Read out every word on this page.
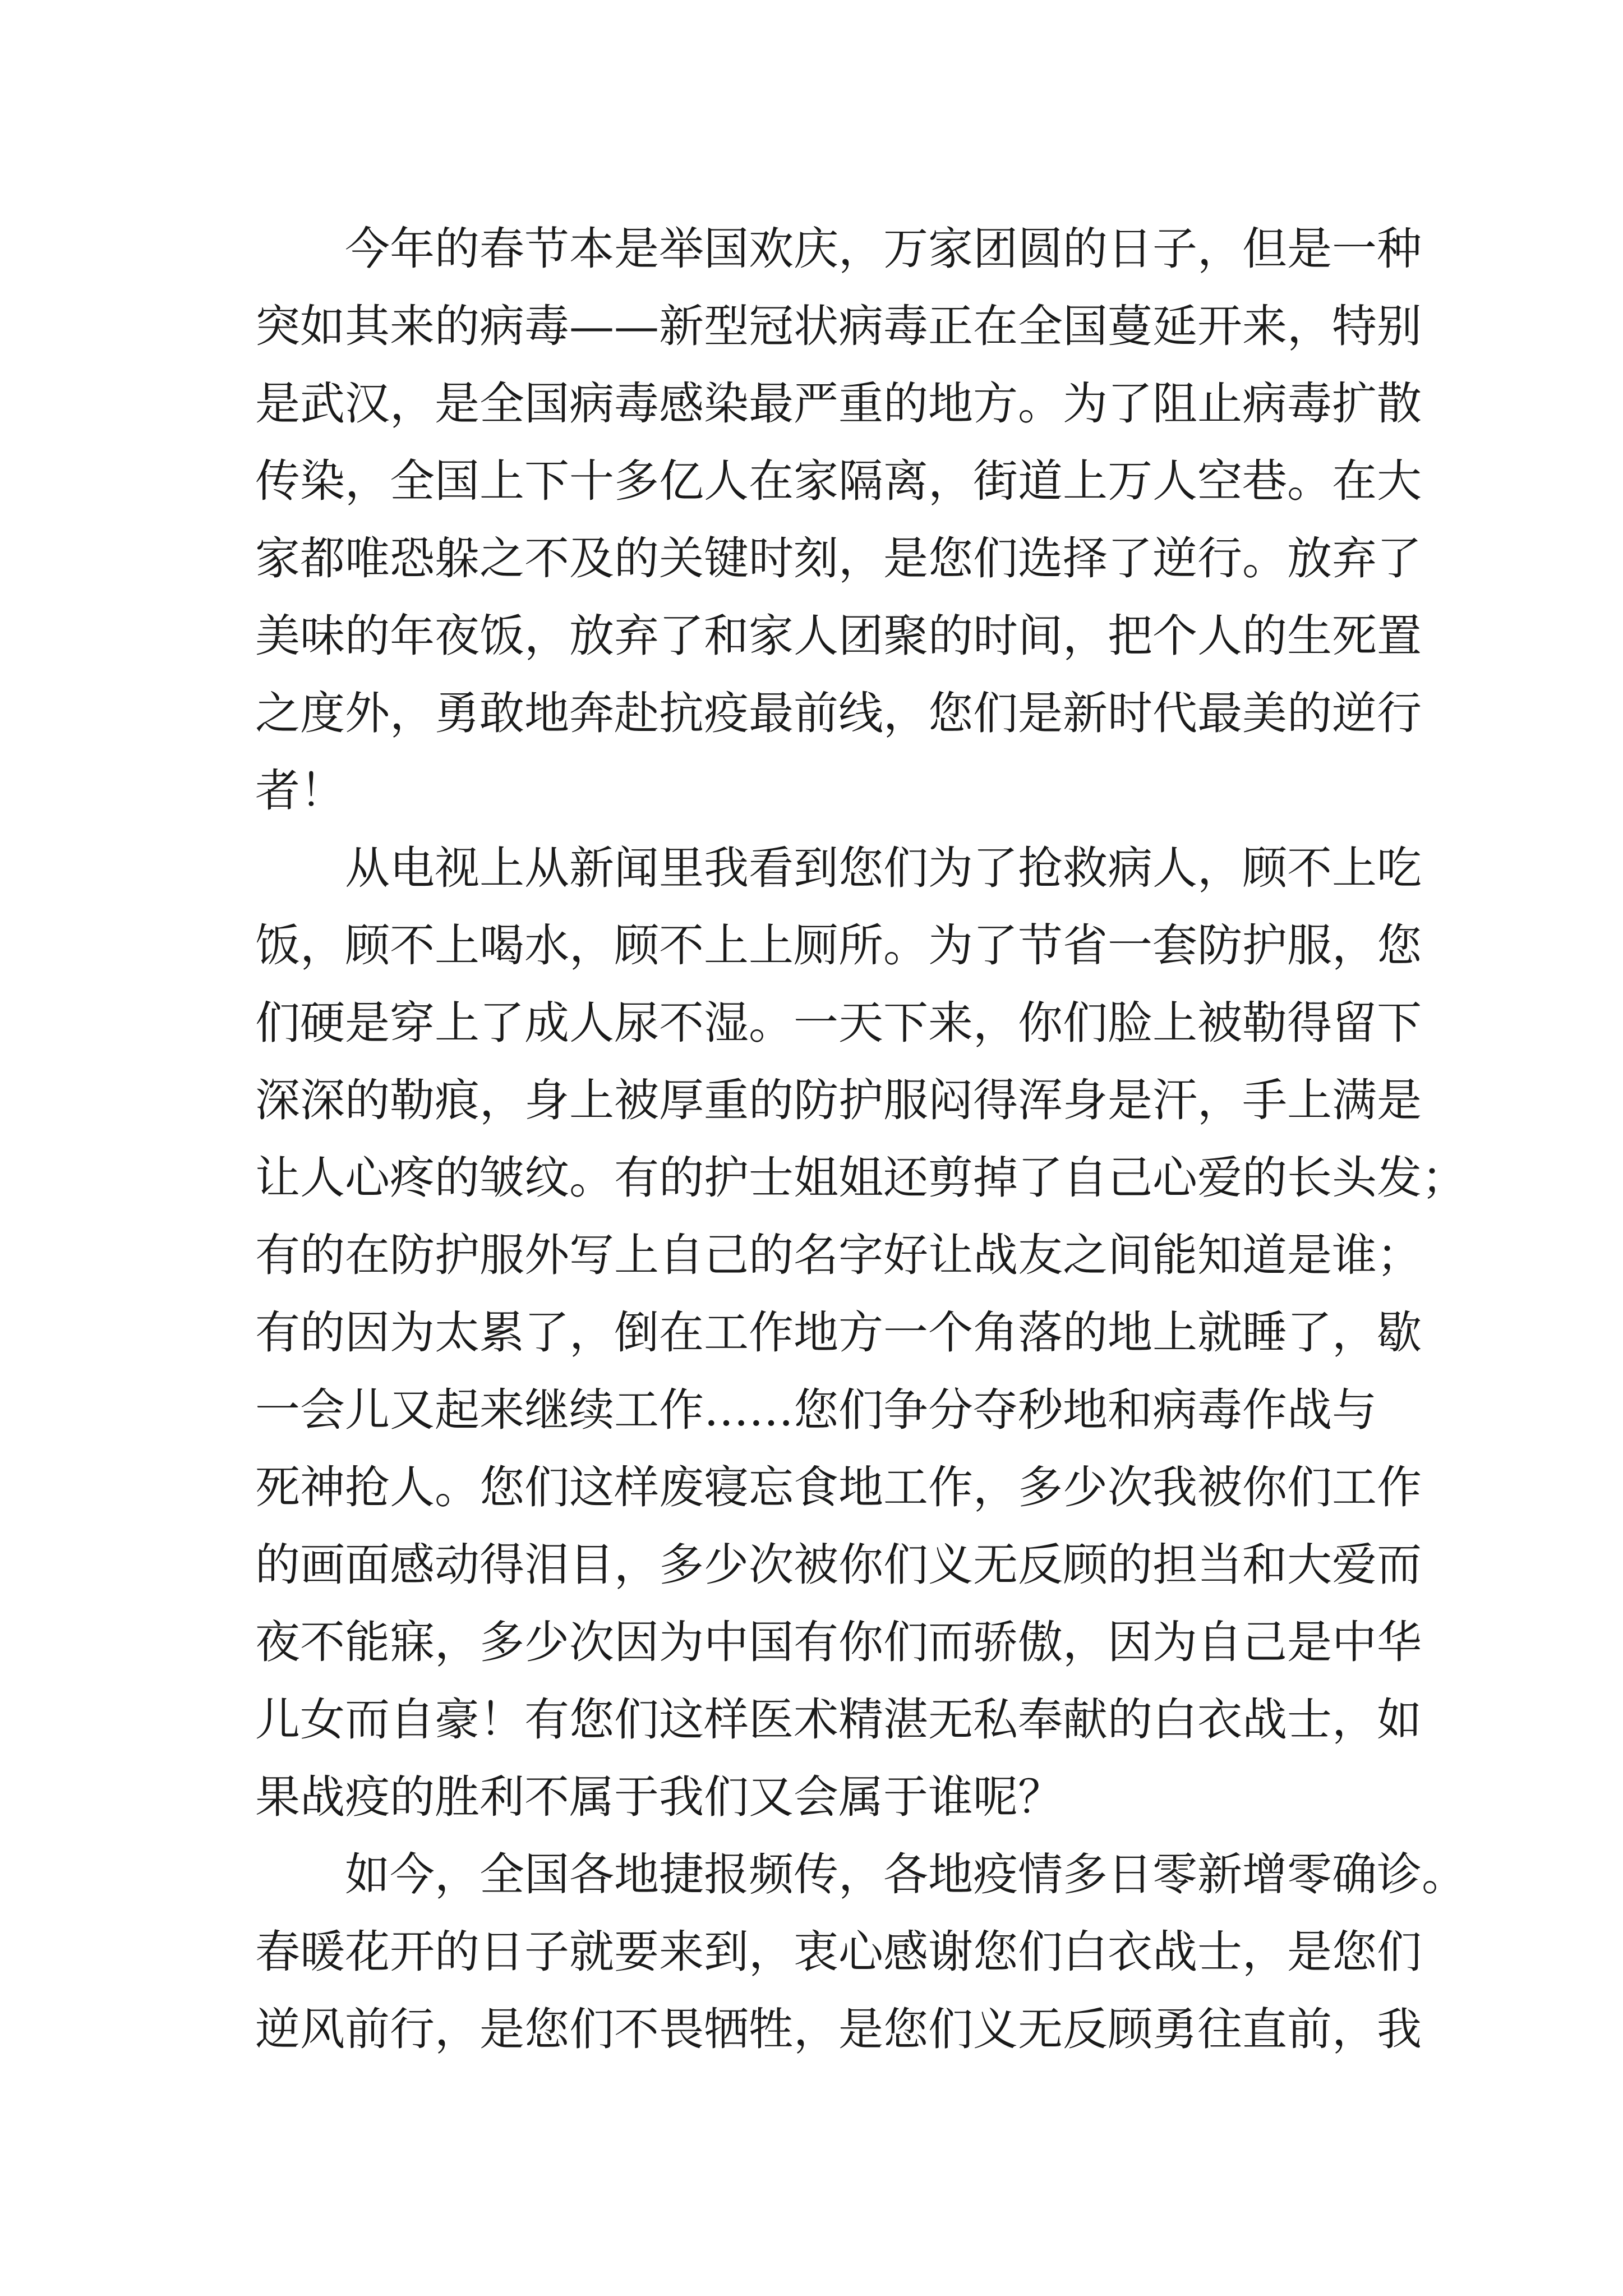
今年的春节本是举国欢庆，万家团圆的日子，但是一种
突如其来的病毒——新型冠状病毒正在全国蔓延开来，特别
是武汉，是全国病毒感染最严重的地方。为了阻止病毒扩散
传染，全国上下十多亿人在家隔离，街道上万人空巷。在大
家都唯恐躲之不及的关键时刻，是您们选择了逆行。放弃了
美味的年夜饭，放弃了和家人团聚的时间，把个人的生死置
之度外，勇敢地奔赴抗疫最前线，您们是新时代最美的逆行
者！
从电视上从新闻里我看到您们为了抢救病人，顾不上吃
饭，顾不上喝水，顾不上上厕所。为了节省一套防护服，您
们硬是穿上了成人尿不湿。一天下来，你们脸上被勒得留下
深深的勒痕，身上被厚重的防护服闷得浑身是汗，手上满是
让人心疼的皱纹。有的护士姐姐还剪掉了自己心爱的长头发；
有的在防护服外写上自己的名字好让战友之间能知道是谁；
有的因为太累了，倒在工作地方一个角落的地上就睡了，歇
一会儿又起来继续工作……您们争分夺秒地和病毒作战与
死神抢人。您们这样废寝忘食地工作，多少次我被你们工作
的画面感动得泪目，多少次被你们义无反顾的担当和大爱而
夜不能寐，多少次因为中国有你们而骄傲，因为自己是中华
儿女而自豪！有您们这样医术精湛无私奉献的白衣战士，如
果战疫的胜利不属于我们又会属于谁呢？
如今，全国各地捷报频传，各地疫情多日零新增零确诊。
春暖花开的日子就要来到，衷心感谢您们白衣战士，是您们
逆风前行，是您们不畏牺牲，是您们义无反顾勇往直前，我
